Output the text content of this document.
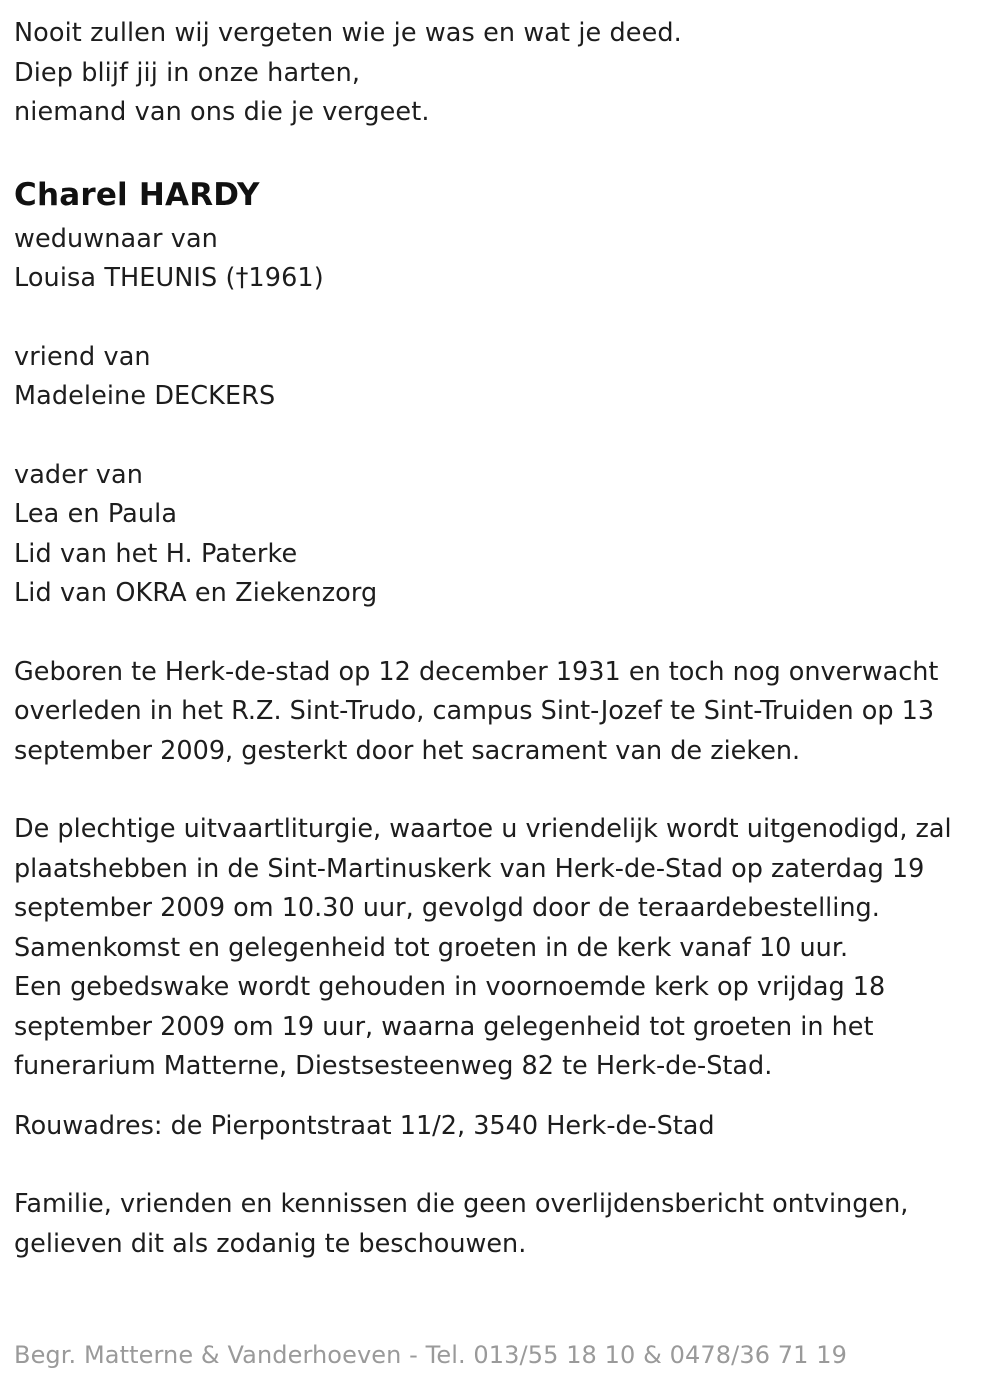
Nooit zullen wij vergeten wie je was en wat je deed.
Diep blijf jij in onze harten,
niemand van ons die je vergeet.
Charel HARDY
weduwnaar van
Louisa THEUNIS (†1961)
vriend van
Madeleine DECKERS
vader van
Lea en Paula
Lid van het H. Paterke
Lid van OKRA en Ziekenzorg
Geboren te Herk-de-stad op 12 december 1931 en toch nog onverwacht
overleden in het R.Z. Sint-Trudo, campus Sint-Jozef te Sint-Truiden op 13
september 2009, gesterkt door het sacrament van de zieken.
De plechtige uitvaartliturgie, waartoe u vriendelijk wordt uitgenodigd, zal
plaatshebben in de Sint-Martinuskerk van Herk-de-Stad op zaterdag 19
september 2009 om 10.30 uur, gevolgd door de teraardebestelling.
Samenkomst en gelegenheid tot groeten in de kerk vanaf 10 uur.
Een gebedswake wordt gehouden in voornoemde kerk op vrijdag 18
september 2009 om 19 uur, waarna gelegenheid tot groeten in het
funerarium Matterne, Diestsesteenweg 82 te Herk-de-Stad.
Rouwadres: de Pierpontstraat 11/2, 3540 Herk-de-Stad
Familie, vrienden en kennissen die geen overlijdensbericht ontvingen,
gelieven dit als zodanig te beschouwen.
Begr. Matterne & Vanderhoeven - Tel. 013/55 18 10 & 0478/36 71 19
